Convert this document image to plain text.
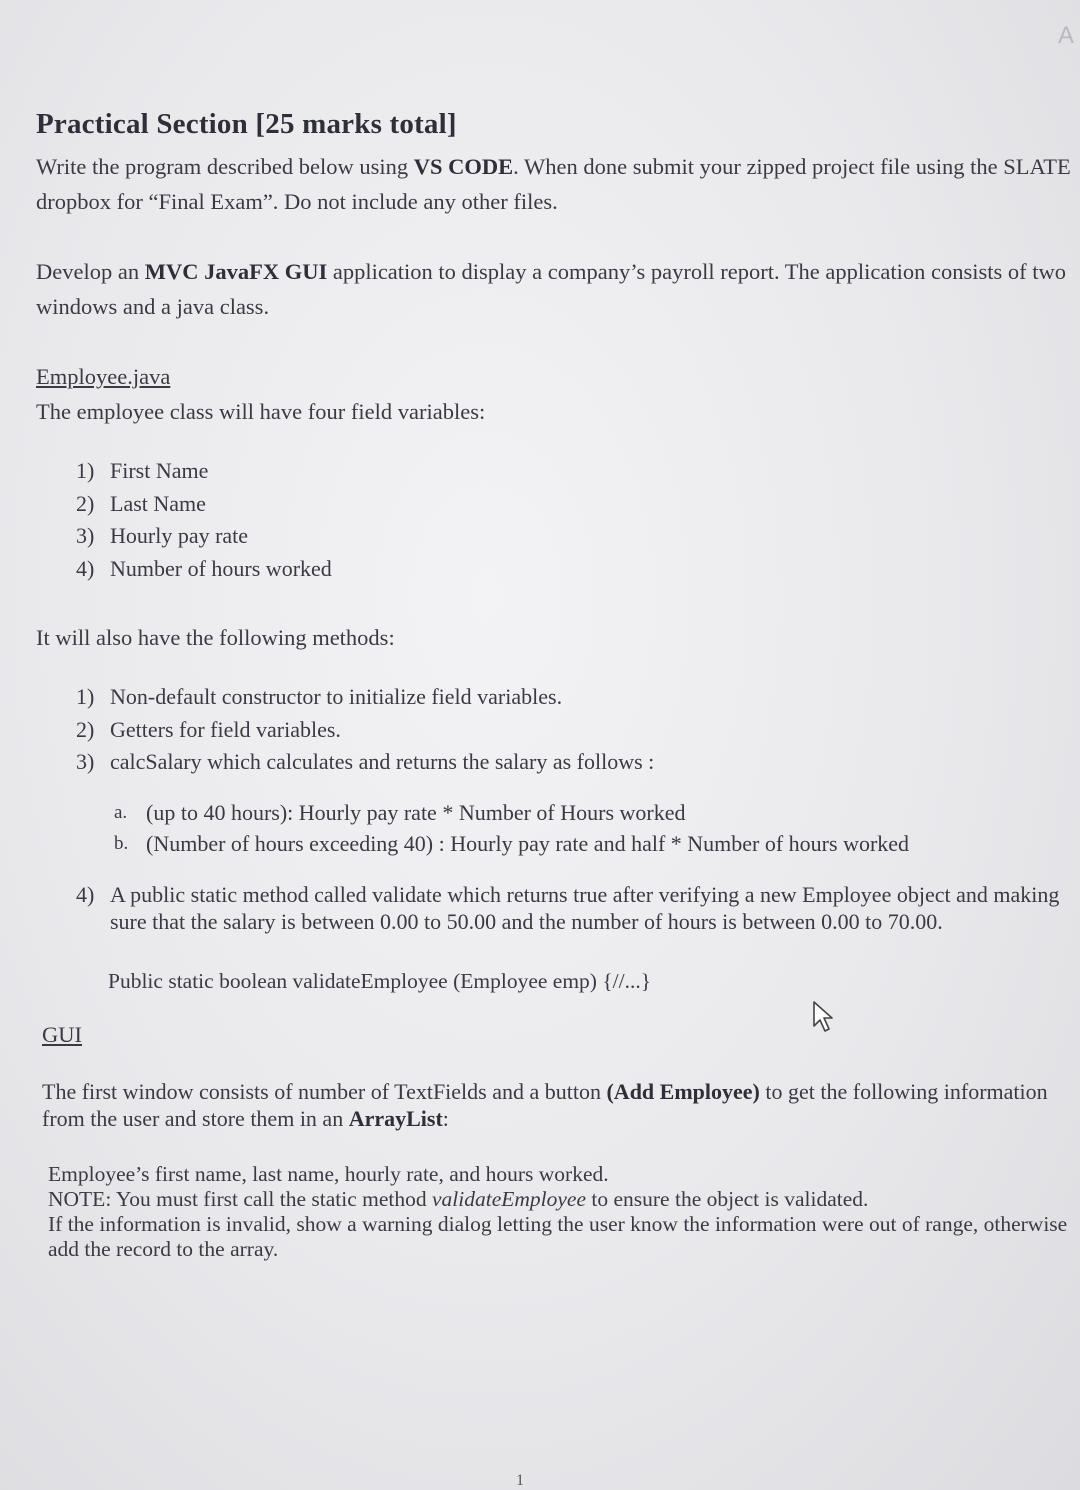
A
Practical Section [25 marks total]

Write the program described below using VS CODE. When done submit your zipped project file using the SLATE dropbox for “Final Exam”. Do not include any other files.

Develop an MVC JavaFX GUI application to display a company’s payroll report. The application consists of two windows and a java class.

Employee.java

The employee class will have four field variables:

1) First Name
2) Last Name
3) Hourly pay rate
4) Number of hours worked

It will also have the following methods:

1) Non-default constructor to initialize field variables.
2) Getters for field variables.
3) calcSalary which calculates and returns the salary as follows :
a. (up to 40 hours): Hourly pay rate * Number of Hours worked
b. (Number of hours exceeding 40) : Hourly pay rate and half * Number of hours worked
4) A public static method called validate which returns true after verifying a new Employee object and making sure that the salary is between 0.00 to 50.00 and the number of hours is between 0.00 to 70.00.
Public static boolean validateEmployee (Employee emp) {//...}
GUI

The first window consists of number of TextFields and a button (Add Employee) to get the following information from the user and store them in an ArrayList:

Employee’s first name, last name, hourly rate, and hours worked.
NOTE: You must first call the static method validateEmployee to ensure the object is validated.
If the information is invalid, show a warning dialog letting the user know the information were out of range, otherwise add the record to the array.
1
